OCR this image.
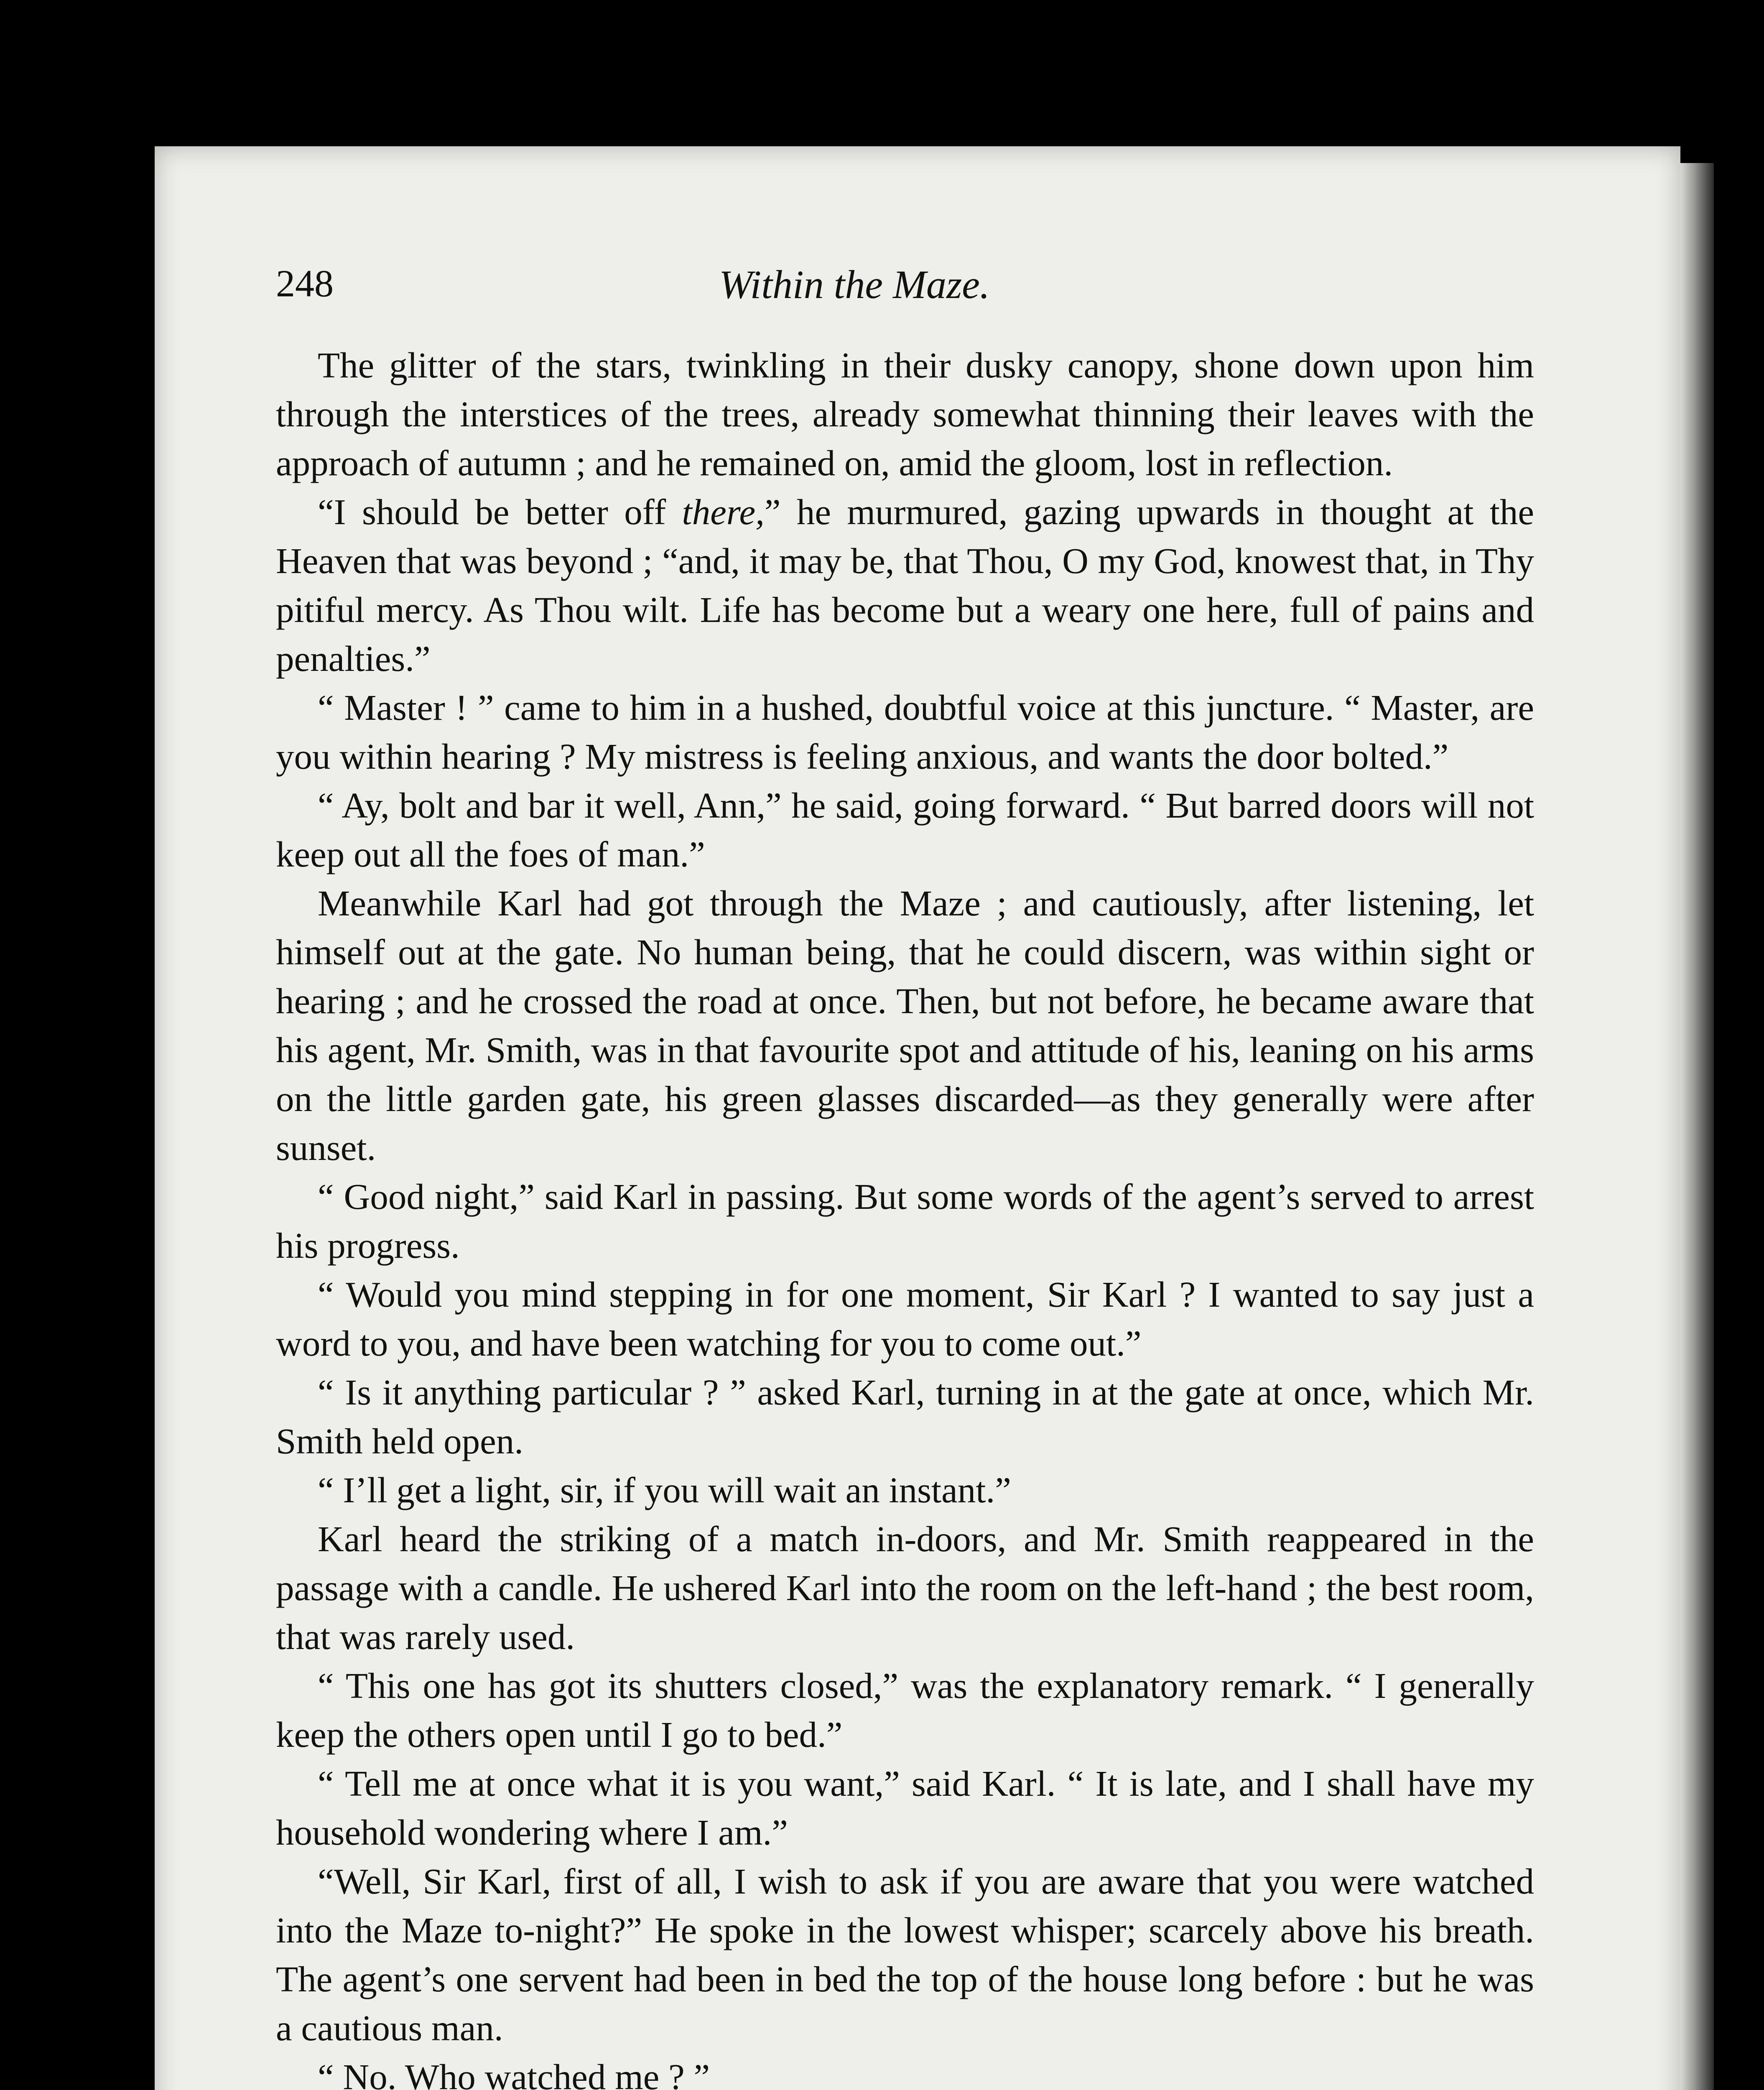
248	Within the Maze.

The glitter of the stars, twinkling in their dusky canopy, shone down upon him through the interstices of the trees, already somewhat thinning their leaves with the approach of autumn ; and he remained on, amid the gloom, lost in reflection.

“I should be better off there,” he murmured, gazing upwards in thought at the Heaven that was beyond ; “and, it may be, that Thou, O my God, knowest that, in Thy pitiful mercy. As Thou wilt. Life has become but a weary one here, full of pains and penalties.”

“ Master ! ” came to him in a hushed, doubtful voice at this juncture. “ Master, are you within hearing ? My mistress is feeling anxious, and wants the door bolted.”

“ Ay, bolt and bar it well, Ann,” he said, going forward. “ But barred doors will not keep out all the foes of man.”

Meanwhile Karl had got through the Maze ; and cautiously, after listening, let himself out at the gate. No human being, that he could discern, was within sight or hearing ; and he crossed the road at once. Then, but not before, he became aware that his agent, Mr. Smith, was in that favourite spot and attitude of his, leaning on his arms on the little garden gate, his green glasses discarded—as they generally were after sunset.

“ Good night,” said Karl in passing. But some words of the agent’s served to arrest his progress.

“ Would you mind stepping in for one moment, Sir Karl ? I wanted to say just a word to you, and have been watching for you to come out.”

“ Is it anything particular ? ” asked Karl, turning in at the gate at once, which Mr. Smith held open.

“ I’ll get a light, sir, if you will wait an instant.”

Karl heard the striking of a match in-doors, and Mr. Smith reappeared in the passage with a candle. He ushered Karl into the room on the left-hand ; the best room, that was rarely used.

“ This one has got its shutters closed,” was the explanatory remark. “ I generally keep the others open until I go to bed.”

“ Tell me at once what it is you want,” said Karl. “ It is late, and I shall have my household wondering where I am.”

“Well, Sir Karl, first of all, I wish to ask if you are aware that you were watched into the Maze to-night?” He spoke in the lowest whisper; scarcely above his breath. The agent’s one servent had been in bed the top of the house long before : but he was a cautious man.

“ No. Who watched me ? ”
